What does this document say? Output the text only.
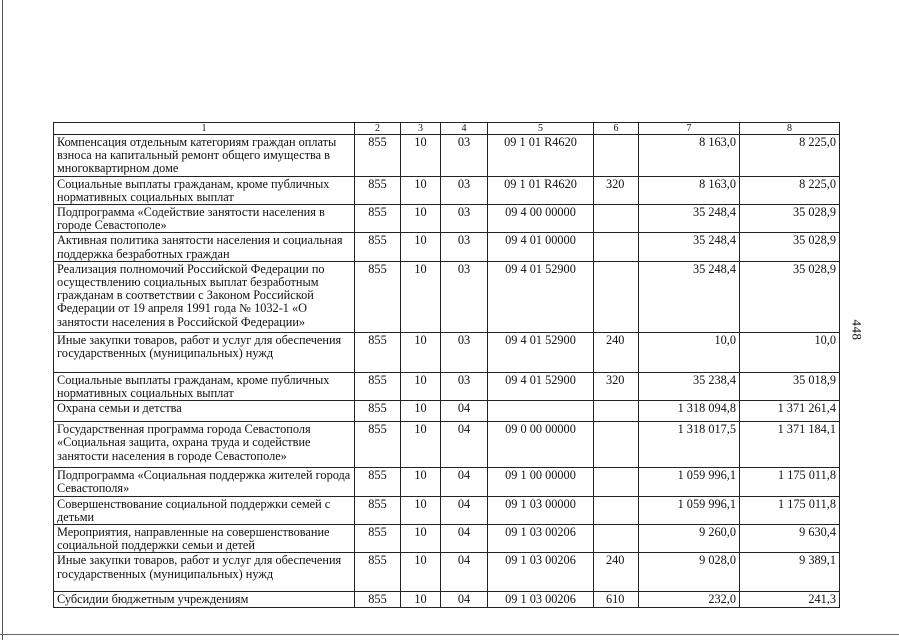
448
1	2	3	4	5	6	7	8
Компенсация отдельным категориям граждан оплаты взноса на капитальный ремонт общего имущества в многоквартирном доме	855	10	03	09 1 01 R4620		8 163,0	8 225,0
Социальные выплаты гражданам, кроме публичных нормативных социальных выплат	855	10	03	09 1 01 R4620	320	8 163,0	8 225,0
Подпрограмма «Содействие занятости населения в городе Севастополе»	855	10	03	09 4 00 00000		35 248,4	35 028,9
Активная политика занятости населения и социальная поддержка безработных граждан	855	10	03	09 4 01 00000		35 248,4	35 028,9
Реализация полномочий Российской Федерации по осуществлению социальных выплат безработным гражданам в соответствии с Законом Российской Федерации от 19 апреля 1991 года № 1032-1 «О занятости населения в Российской Федерации»	855	10	03	09 4 01 52900		35 248,4	35 028,9
Иные закупки товаров, работ и услуг для обеспечения государственных (муниципальных) нужд	855	10	03	09 4 01 52900	240	10,0	10,0
Социальные выплаты гражданам, кроме публичных нормативных социальных выплат	855	10	03	09 4 01 52900	320	35 238,4	35 018,9
Охрана семьи и детства	855	10	04			1 318 094,8	1 371 261,4
Государственная программа города Севастополя «Социальная защита, охрана труда и содействие занятости населения в городе Севастополе»	855	10	04	09 0 00 00000		1 318 017,5	1 371 184,1
Подпрограмма «Социальная поддержка жителей города Севастополя»	855	10	04	09 1 00 00000		1 059 996,1	1 175 011,8
Совершенствование социальной поддержки семей с детьми	855	10	04	09 1 03 00000		1 059 996,1	1 175 011,8
Мероприятия, направленные на совершенствование социальной поддержки семьи и детей	855	10	04	09 1 03 00206		9 260,0	9 630,4
Иные закупки товаров, работ и услуг для обеспечения государственных (муниципальных) нужд	855	10	04	09 1 03 00206	240	9 028,0	9 389,1
Субсидии бюджетным учреждениям	855	10	04	09 1 03 00206	610	232,0	241,3
